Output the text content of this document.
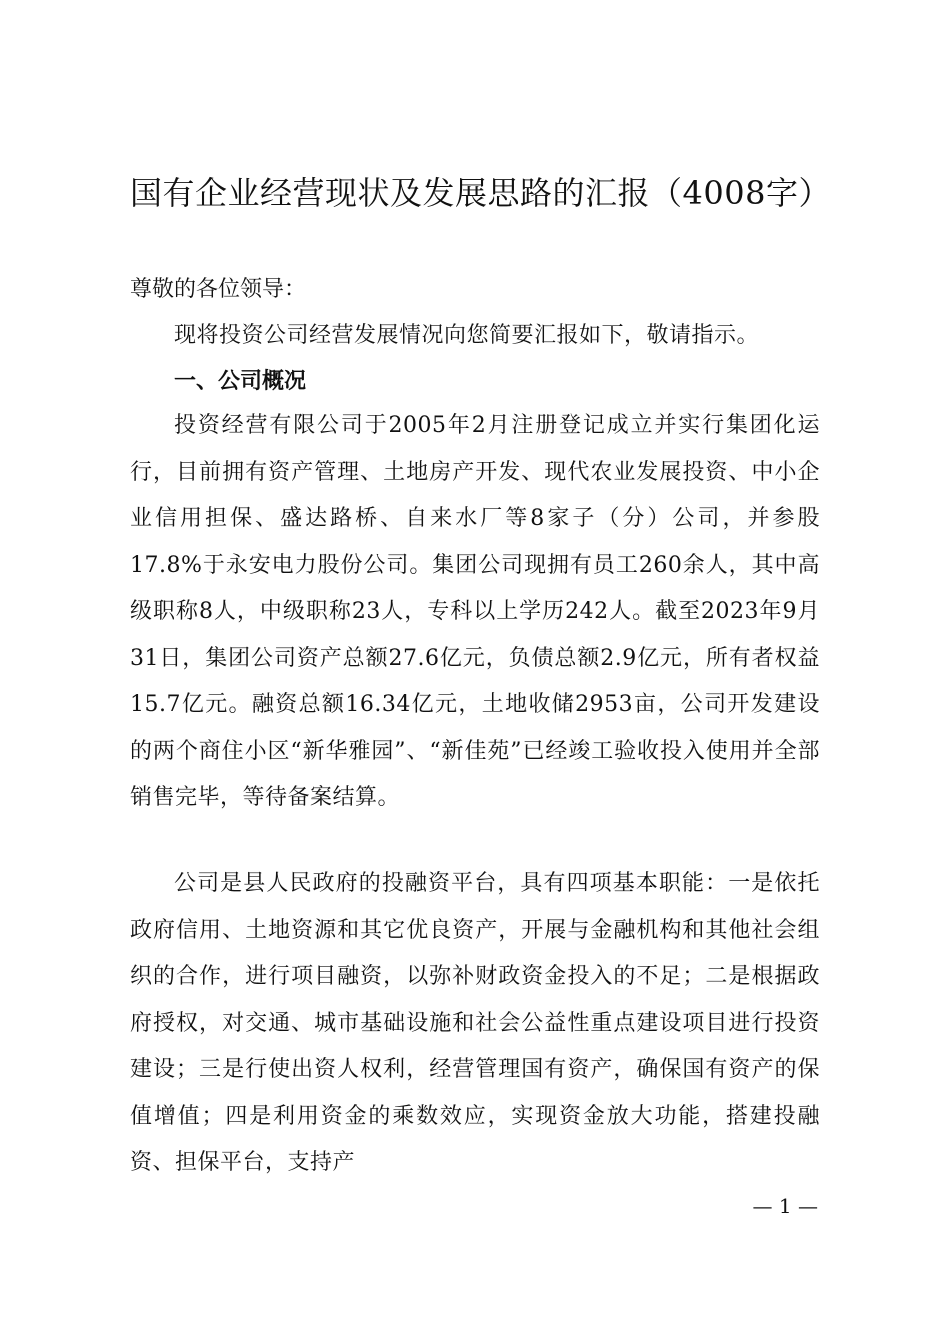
国有企业经营现状及发展思路的汇报（4008字）
尊敬的各位领导：
现将投资公司经营发展情况向您简要汇报如下，敬请指示。
一、公司概况
投资经营有限公司于2005年2月注册登记成立并实行集团化运行，目前拥有资产管理、土地房产开发、现代农业发展投资、中小企业信用担保、盛达路桥、自来水厂等8家子（分）公司，并参股17.8%于永安电力股份公司。集团公司现拥有员工260余人，其中高级职称8人，中级职称23人，专科以上学历242人。截至2023年9月31日，集团公司资产总额27.6亿元，负债总额2.9亿元，所有者权益15.7亿元。融资总额16.34亿元，土地收储2953亩，公司开发建设的两个商住小区“新华雅园”、“新佳苑”已经竣工验收投入使用并全部销售完毕，等待备案结算。
公司是县人民政府的投融资平台，具有四项基本职能：一是依托政府信用、土地资源和其它优良资产，开展与金融机构和其他社会组织的合作，进行项目融资，以弥补财政资金投入的不足；二是根据政府授权，对交通、城市基础设施和社会公益性重点建设项目进行投资建设；三是行使出资人权利，经营管理国有资产，确保国有资产的保值增值；四是利用资金的乘数效应，实现资金放大功能，搭建投融资、担保平台，支持产
— 1 —
